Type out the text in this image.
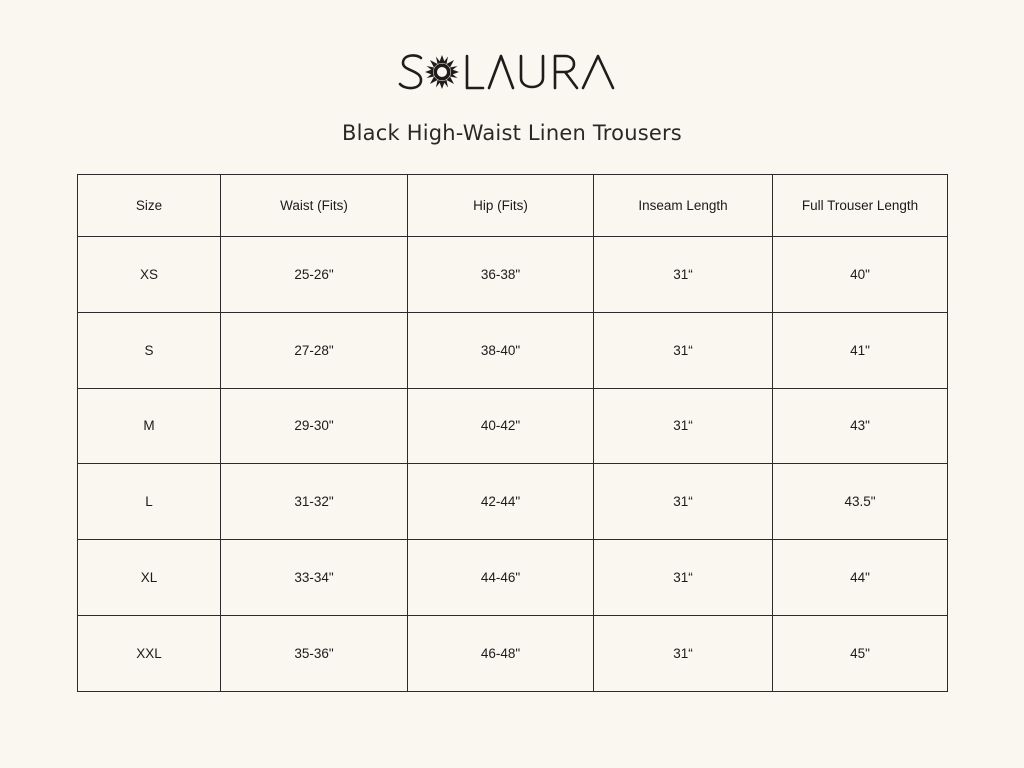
Black High-Waist Linen Trousers
Size	Waist (Fits)	Hip (Fits)	Inseam Length	Full Trouser Length
XS	25-26"	36-38"	31“	40"
S	27-28"	38-40"	31“	41"
M	29-30"	40-42"	31“	43"
L	31-32"	42-44"	31“	43.5"
XL	33-34"	44-46"	31“	44"
XXL	35-36"	46-48"	31“	45"
